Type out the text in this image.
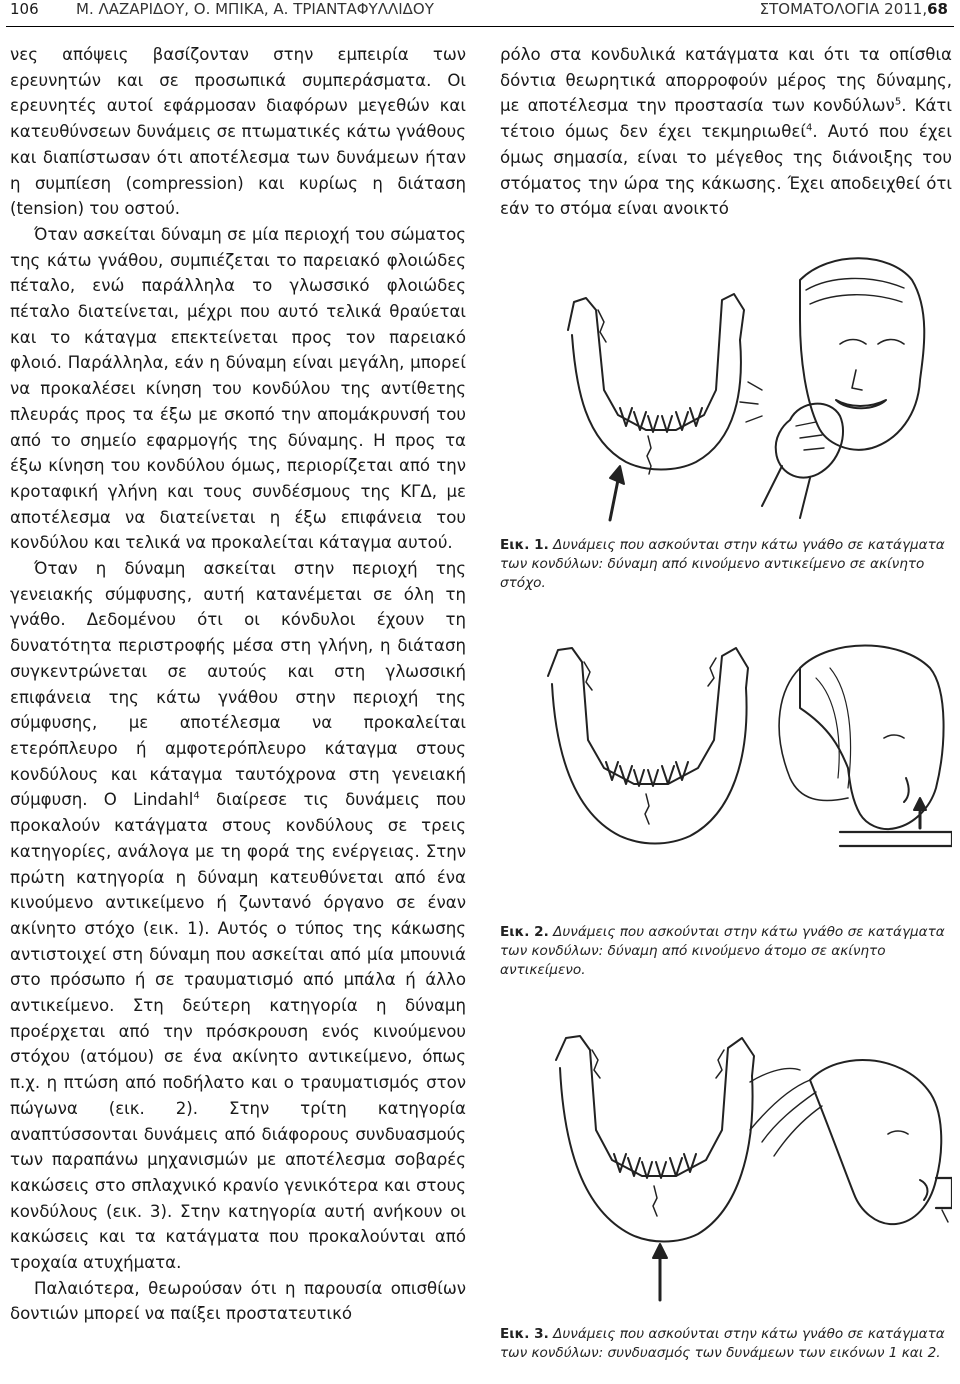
106 Μ. ΛΑΖΑΡΙΔΟΥ, Ο. ΜΠΙΚΑ, Α. ΤΡΙΑΝΤΑΦΥΛΛΙΔΟΥ	ΣΤΟΜΑΤΟΛΟΓΙΑ 2011,68

νες απόψεις βασίζονταν στην εμπειρία των ερευνητών και σε προσωπικά συμπεράσματα. Οι ερευνητές αυτοί εφάρμοσαν διαφόρων μεγεθών και κατευθύνσεων δυνάμεις σε πτωματικές κάτω γνάθους και διαπίστωσαν ότι αποτέλεσμα των δυνάμεων ήταν η συμπίεση (compression) και κυρίως η διάταση (tension) του οστού.

Όταν ασκείται δύναμη σε μία περιοχή του σώματος της κάτω γνάθου, συμπιέζεται το παρειακό φλοιώδες πέταλο, ενώ παράλληλα το γλωσσικό φλοιώδες πέταλο διατείνεται, μέχρι που αυτό τελικά θραύεται και το κάταγμα επεκτείνεται προς τον παρειακό φλοιό. Παράλληλα, εάν η δύναμη είναι μεγάλη, μπορεί να προκαλέσει κίνηση του κονδύλου της αντίθετης πλευράς προς τα έξω με σκοπό την απομάκρυνσή του από το σημείο εφαρμογής της δύναμης. Η προς τα έξω κίνηση του κονδύλου όμως, περιορίζεται από την κροταφική γλήνη και τους συνδέσμους της ΚΓΔ, με αποτέλεσμα να διατείνεται η έξω επιφάνεια του κονδύλου και τελικά να προκαλείται κάταγμα αυτού.

Όταν η δύναμη ασκείται στην περιοχή της γενειακής σύμφυσης, αυτή κατανέμεται σε όλη τη γνάθο. Δεδομένου ότι οι κόνδυλοι έχουν τη δυνατότητα περιστροφής μέσα στη γλήνη, η διάταση συγκεντρώνεται σε αυτούς και στη γλωσσική επιφάνεια της κάτω γνάθου στην περιοχή της σύμφυσης, με αποτέλεσμα να προκαλείται ετερόπλευρο ή αμφοτερόπλευρο κάταγμα στους κονδύλους και κάταγμα ταυτόχρονα στη γενειακή σύμφυση. Ο Lindahl$^4$ διαίρεσε τις δυνάμεις που προκαλούν κατάγματα στους κονδύλους σε τρεις κατηγορίες, ανάλογα με τη φορά της ενέργειας. Στην πρώτη κατηγορία η δύναμη κατευθύνεται από ένα κινούμενο αντικείμενο ή ζωντανό όργανο σε έναν ακίνητο στόχο (εικ. 1). Αυτός ο τύπος της κάκωσης αντιστοιχεί στη δύναμη που ασκείται από μία μπουνιά στο πρόσωπο ή σε τραυματισμό από μπάλα ή άλλο αντικείμενο. Στη δεύτερη κατηγορία η δύναμη προέρχεται από την πρόσκρουση ενός κινούμενου στόχου (ατόμου) σε ένα ακίνητο αντικείμενο, όπως π.χ. η πτώση από ποδήλατο και ο τραυματισμός στον πώγωνα (εικ. 2). Στην τρίτη κατηγορία αναπτύσσονται δυνάμεις από διάφορους συνδυασμούς των παραπάνω μηχανισμών με αποτέλεσμα σοβαρές κακώσεις στο σπλαχνικό κρανίο γενικότερα και στους κονδύλους (εικ. 3). Στην κατηγορία αυτή ανήκουν οι κακώσεις και τα κατάγματα που προκαλούνται από τροχαία ατυχήματα.

Παλαιότερα, θεωρούσαν ότι η παρουσία οπισθίων δοντιών μπορεί να παίξει προστατευτικό

ρόλο στα κονδυλικά κατάγματα και ότι τα οπίσθια δόντια θεωρητικά απορροφούν μέρος της δύναμης, με αποτέλεσμα την προστασία των κονδύλων$^5$. Κάτι τέτοιο όμως δεν έχει τεκμηριωθεί$^4$. Αυτό που έχει όμως σημασία, είναι το μέγεθος της διάνοιξης του στόματος την ώρα της κάκωσης. Έχει αποδειχθεί ότι εάν το στόμα είναι ανοικτό

Εικ. 1. Δυνάμεις που ασκούνται στην κάτω γνάθο σε κατάγματα των κονδύλων: δύναμη από κινούμενο αντικείμενο σε ακίνητο στόχο.
Εικ. 2. Δυνάμεις που ασκούνται στην κάτω γνάθο σε κατάγματα των κονδύλων: δύναμη από κινούμενο άτομο σε ακίνητο αντικείμενο.
Εικ. 3. Δυνάμεις που ασκούνται στην κάτω γνάθο σε κατάγματα των κονδύλων: συνδυασμός των δυνάμεων των εικόνων 1 και 2.
